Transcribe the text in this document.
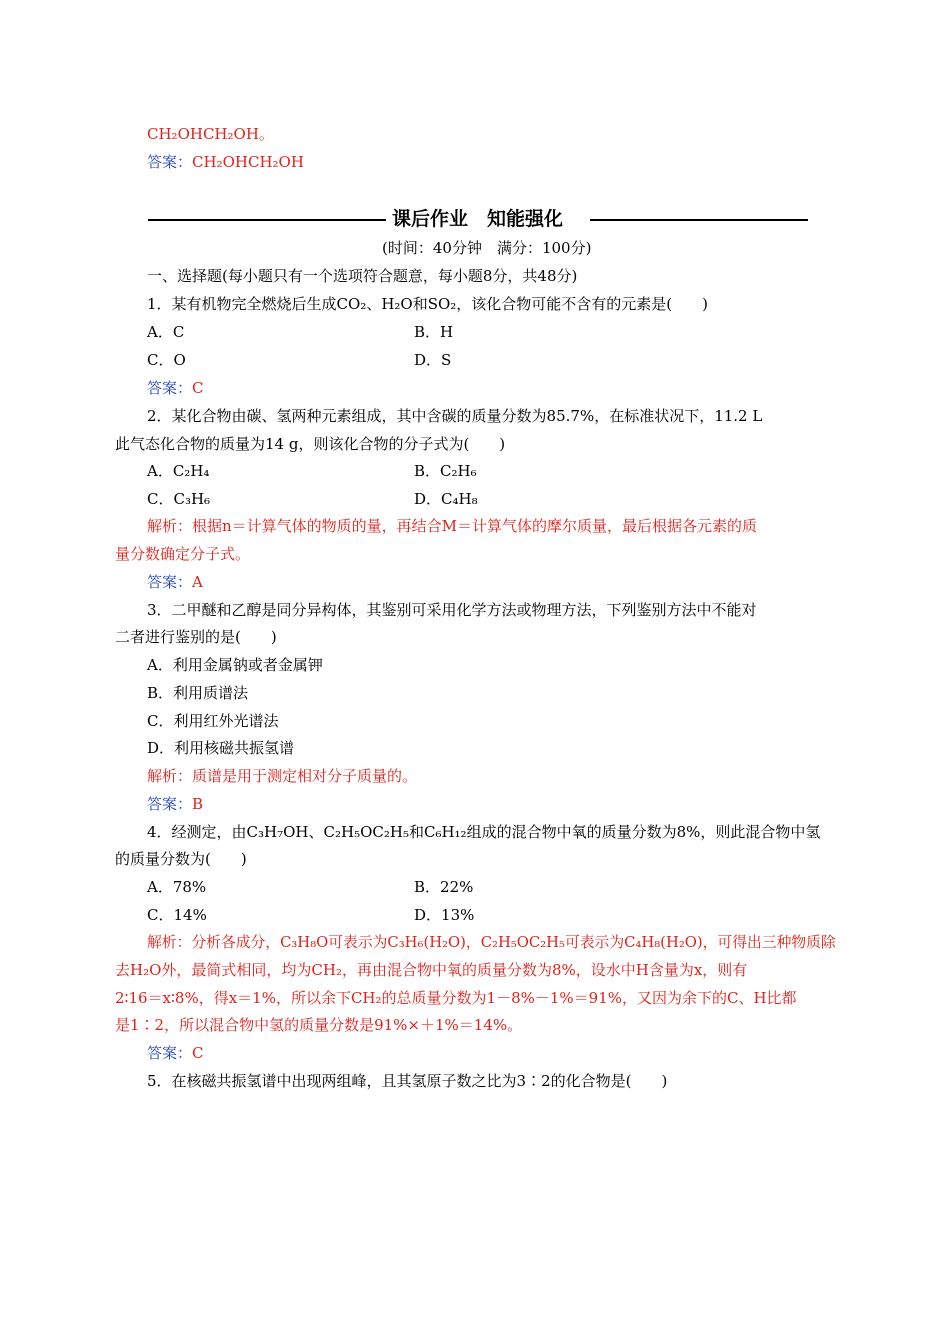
CH₂OHCH₂OH。
答案：CH₂OHCH₂OH
课后作业　知能强化
(时间：40分钟　满分：100分)
一、选择题(每小题只有一个选项符合题意，每小题8分，共48分)
1．某有机物完全燃烧后生成CO₂、H₂O和SO₂，该化合物可能不含有的元素是(　　)
A．C	B．H
C．O	D．S
答案：C
2．某化合物由碳、氢两种元素组成，其中含碳的质量分数为85.7%，在标准状况下，11.2 L
此气态化合物的质量为14 g，则该化合物的分子式为(　　)
A．C₂H₄	B．C₂H₆
C．C₃H₆	D．C₄H₈
解析：根据n＝计算气体的物质的量，再结合M＝计算气体的摩尔质量，最后根据各元素的质
量分数确定分子式。
答案：A
3．二甲醚和乙醇是同分异构体，其鉴别可采用化学方法或物理方法，下列鉴别方法中不能对
二者进行鉴别的是(　　)
A．利用金属钠或者金属钾
B．利用质谱法
C．利用红外光谱法
D．利用核磁共振氢谱
解析：质谱是用于测定相对分子质量的。
答案：B
4．经测定，由C₃H₇OH、C₂H₅OC₂H₅和C₆H₁₂组成的混合物中氧的质量分数为8%，则此混合物中氢
的质量分数为(　　)
A．78%	B．22%
C．14%	D．13%
解析：分析各成分，C₃H₈O可表示为C₃H₆(H₂O)，C₂H₅OC₂H₅可表示为C₄H₈(H₂O)，可得出三种物质除
去H₂O外，最简式相同，均为CH₂，再由混合物中氧的质量分数为8%，设水中H含量为x，则有
2∶16＝x∶8%，得x＝1%，所以余下CH₂的总质量分数为1－8%－1%＝91%，又因为余下的C、H比都
是1∶2，所以混合物中氢的质量分数是91%×＋1%＝14%。
答案：C
5．在核磁共振氢谱中出现两组峰，且其氢原子数之比为3∶2的化合物是(　　)
